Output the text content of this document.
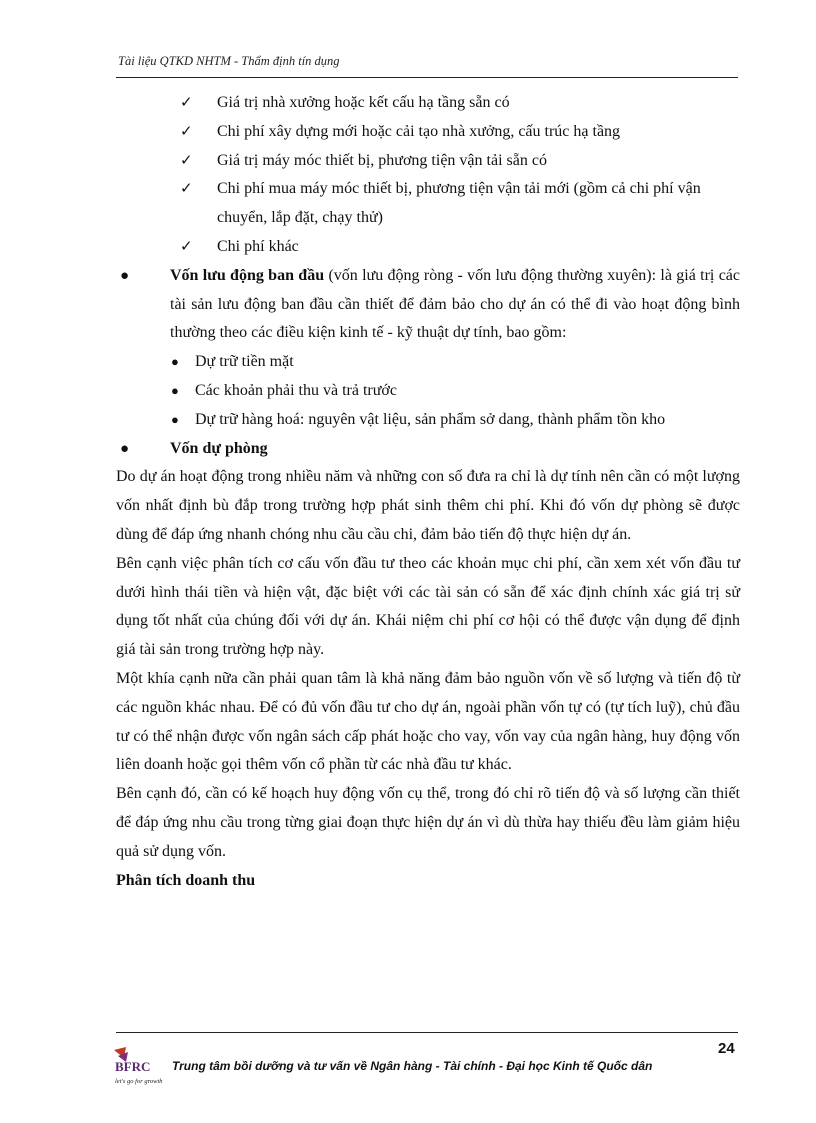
Tài liệu QTKD NHTM - Thẩm định tín dụng
✓ Giá trị nhà xưởng hoặc kết cấu hạ tầng sẵn có
✓ Chi phí xây dựng mới hoặc cải tạo nhà xưởng, cấu trúc hạ tầng
✓ Giá trị máy móc thiết bị, phương tiện vận tải sẵn có
✓ Chi phí mua máy móc thiết bị, phương tiện vận tải mới (gồm cả chi phí vận chuyển, lắp đặt, chạy thử)
✓ Chi phí khác
●	Vốn lưu động ban đầu (vốn lưu động ròng - vốn lưu động thường xuyên): là giá trị các tài sản lưu động ban đầu cần thiết để đảm bảo cho dự án có thể đi vào hoạt động bình thường theo các điều kiện kinh tế - kỹ thuật dự tính, bao gồm:
● Dự trữ tiền mặt
● Các khoản phải thu và trả trước
● Dự trữ hàng hoá: nguyên vật liệu, sản phẩm sở dang, thành phẩm tồn kho
●	Vốn dự phòng

Do dự án hoạt động trong nhiều năm và những con số đưa ra chỉ là dự tính nên cần có một lượng vốn nhất định bù đắp trong trường hợp phát sinh thêm chi phí. Khi đó vốn dự phòng sẽ được dùng để đáp ứng nhanh chóng nhu cầu cầu chi, đảm bảo tiến độ thực hiện dự án.

Bên cạnh việc phân tích cơ cấu vốn đầu tư theo các khoản mục chi phí, cần xem xét vốn đầu tư dưới hình thái tiền và hiện vật, đặc biệt với các tài sản có sẵn để xác định chính xác giá trị sử dụng tốt nhất của chúng đối với dự án. Khái niệm chi phí cơ hội có thể được vận dụng để định giá tài sản trong trường hợp này.

Một khía cạnh nữa cần phải quan tâm là khả năng đảm bảo nguồn vốn về số lượng và tiến độ từ các nguồn khác nhau. Để có đủ vốn đầu tư cho dự án, ngoài phần vốn tự có (tự tích luỹ), chủ đầu tư có thể nhận được vốn ngân sách cấp phát hoặc cho vay, vốn vay của ngân hàng, huy động vốn liên doanh hoặc gọi thêm vốn cổ phần từ các nhà đầu tư khác.

Bên cạnh đó, cần có kế hoạch huy động vốn cụ thể, trong đó chỉ rõ tiến độ và số lượng cần thiết để đáp ứng nhu cầu trong từng giai đoạn thực hiện dự án vì dù thừa hay thiếu đều làm giảm hiệu quả sử dụng vốn.

Phân tích doanh thu

24
BFRC
let's go for growth
Trung tâm bồi dưỡng và tư vấn về Ngân hàng - Tài chính - Đại học Kinh tế Quốc dân
